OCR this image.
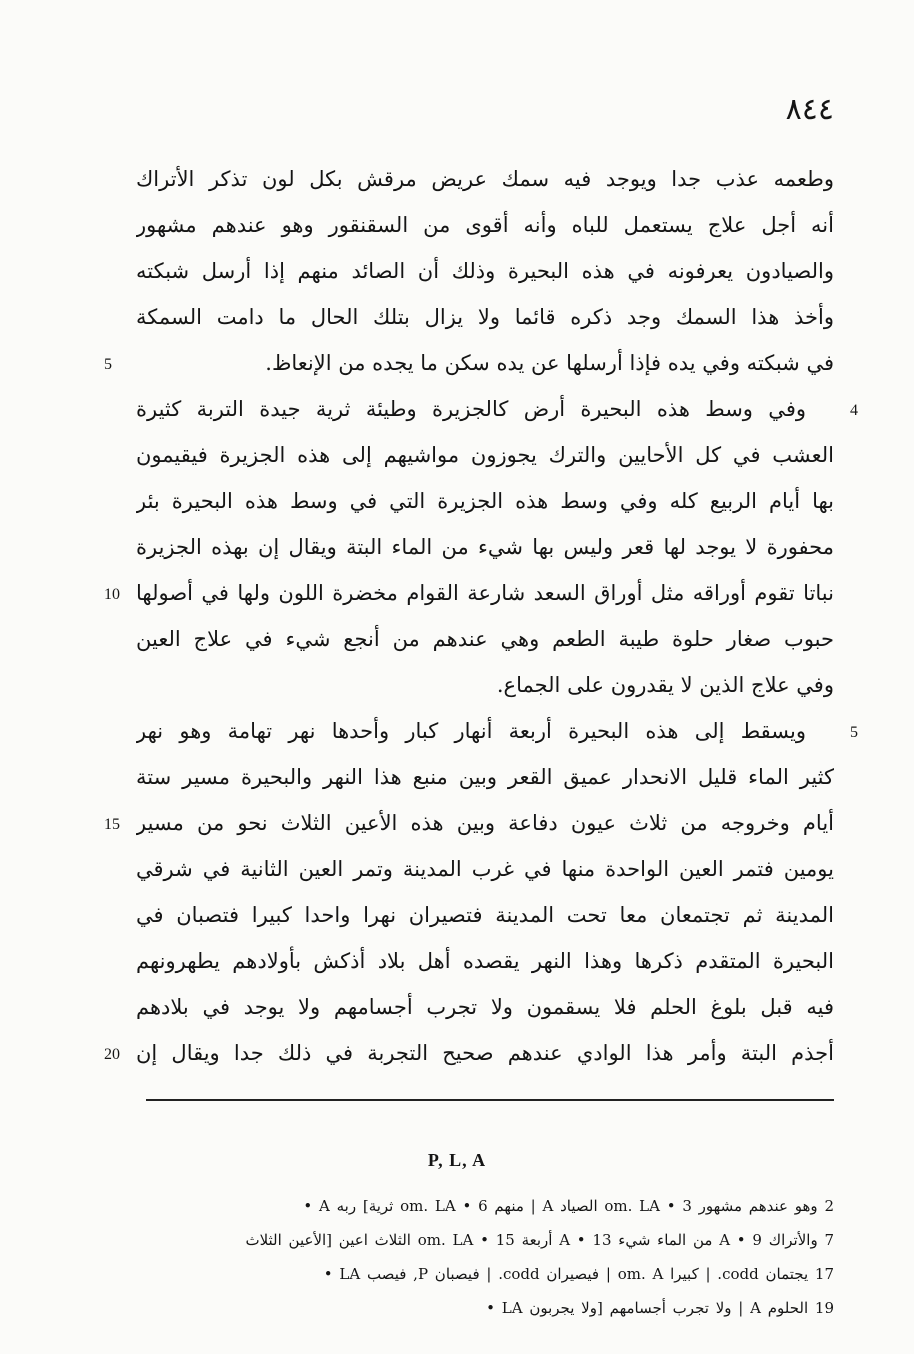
٨٤٤
وطعمه عذب جدا ويوجد فيه سمك عريض مرقش بكل لون تذكر الأتراك
أنه أجل علاج يستعمل للباه وأنه أقوى من السقنقور وهو عندهم مشهور
والصيادون يعرفونه في هذه البحيرة وذلك أن الصائد منهم إذا أرسل شبكته
وأخذ هذا السمك وجد ذكره قائما ولا يزال بتلك الحال ما دامت السمكة
في شبكته وفي يده فإذا أرسلها عن يده سكن ما يجده من الإنعاظ.
وفي وسط هذه البحيرة أرض كالجزيرة وطيئة ثرية جيدة التربة كثيرة
العشب في كل الأحايين والترك يجوزون مواشيهم إلى هذه الجزيرة فيقيمون
بها أيام الربيع كله وفي وسط هذه الجزيرة التي في وسط هذه البحيرة بئر
محفورة لا يوجد لها قعر وليس بها شيء من الماء البتة ويقال إن بهذه الجزيرة
نباتا تقوم أوراقه مثل أوراق السعد شارعة القوام مخضرة اللون ولها في أصولها
حبوب صغار حلوة طيبة الطعم وهي عندهم من أنجع شيء في علاج العين
وفي علاج الذين لا يقدرون على الجماع.
ويسقط إلى هذه البحيرة أربعة أنهار كبار وأحدها نهر تهامة وهو نهر
كثير الماء قليل الانحدار عميق القعر وبين منبع هذا النهر والبحيرة مسير ستة
أيام وخروجه من ثلاث عيون دفاعة وبين هذه الأعين الثلاث نحو من مسير
يومين فتمر العين الواحدة منها في غرب المدينة وتمر العين الثانية في شرقي
المدينة ثم تجتمعان معا تحت المدينة فتصيران نهرا واحدا كبيرا فتصبان في
البحيرة المتقدم ذكرها وهذا النهر يقصده أهل بلاد أذكش بأولادهم يطهرونهم
فيه قبل بلوغ الحلم فلا يسقمون ولا تجرب أجسامهم ولا يوجد في بلادهم
أجذم البتة وأمر هذا الوادي عندهم صحيح التجربة في ذلك جدا ويقال إن
5
10
15
20
4
5
P, L, A
2 وهو عندهم مشهور om. LA • 3 الصياد A | منهم om. LA • 6 ثرية] ربه A •
7 والأتراك A • 9 من الماء شيء A • 13 أربعة om. LA • 15 الثلاث اعين [الأعين الثلاث
17 يجتمان codd. | كبيرا om. A | فيصيران codd. | فيصبان P, فيصب LA •
19 الحلوم A | ولا تجرب أجسامهم [ولا يجربون LA •
